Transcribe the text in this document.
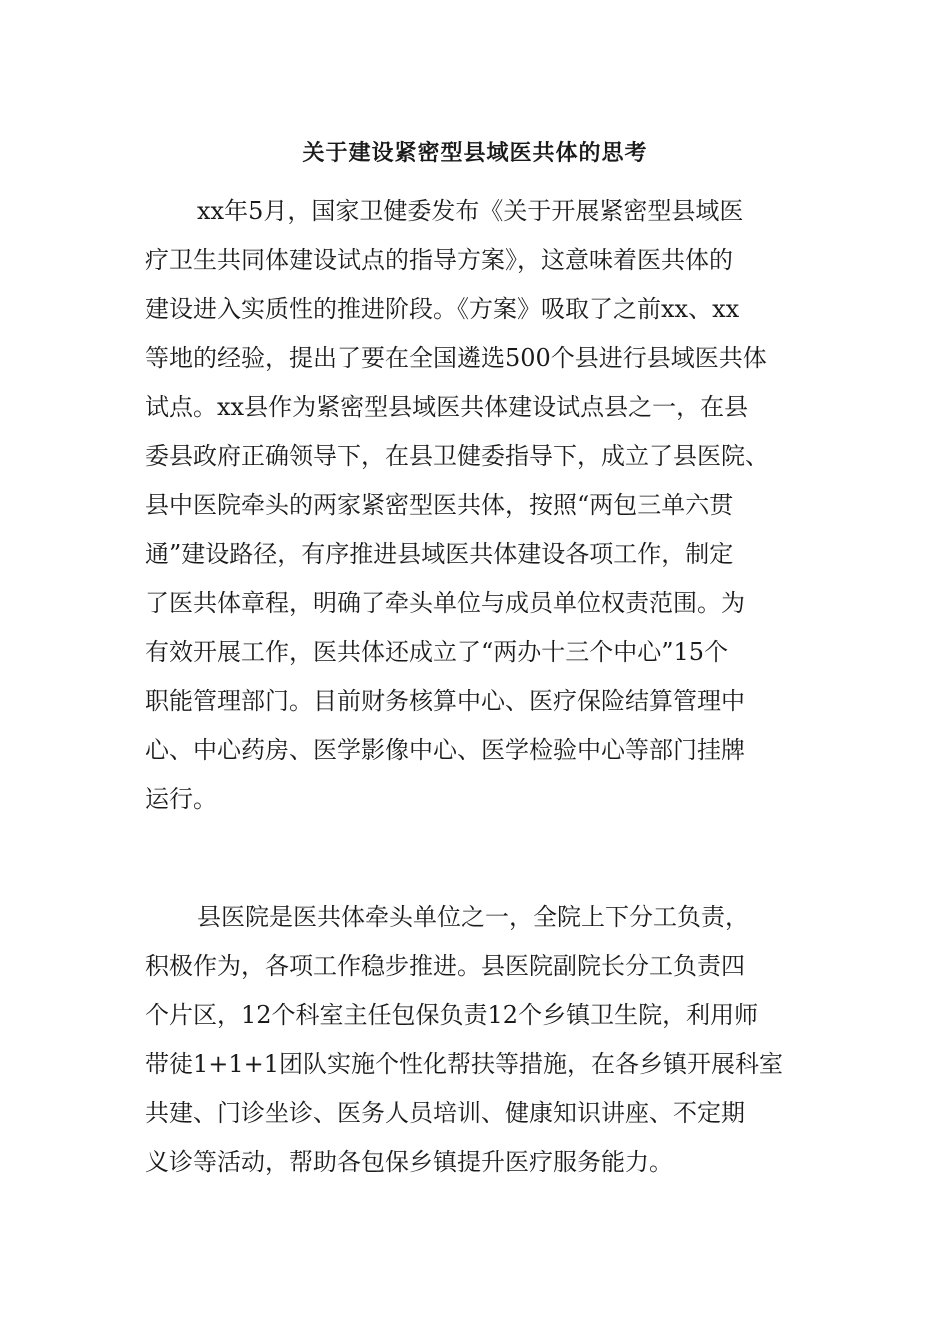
关于建设紧密型县域医共体的思考
xx年5月，国家卫健委发布《关于开展紧密型县域医
疗卫生共同体建设试点的指导方案》，这意味着医共体的
建设进入实质性的推进阶段。《方案》吸取了之前xx、xx
等地的经验，提出了要在全国遴选500个县进行县域医共体
试点。xx县作为紧密型县域医共体建设试点县之一，在县
委县政府正确领导下，在县卫健委指导下，成立了县医院、
县中医院牵头的两家紧密型医共体，按照“两包三单六贯
通”建设路径，有序推进县域医共体建设各项工作，制定
了医共体章程，明确了牵头单位与成员单位权责范围。为
有效开展工作，医共体还成立了“两办十三个中心”15个
职能管理部门。目前财务核算中心、医疗保险结算管理中
心、中心药房、医学影像中心、医学检验中心等部门挂牌
运行。
县医院是医共体牵头单位之一，全院上下分工负责，
积极作为，各项工作稳步推进。县医院副院长分工负责四
个片区，12个科室主任包保负责12个乡镇卫生院，利用师
带徒1+1+1团队实施个性化帮扶等措施，在各乡镇开展科室
共建、门诊坐诊、医务人员培训、健康知识讲座、不定期
义诊等活动，帮助各包保乡镇提升医疗服务能力。
